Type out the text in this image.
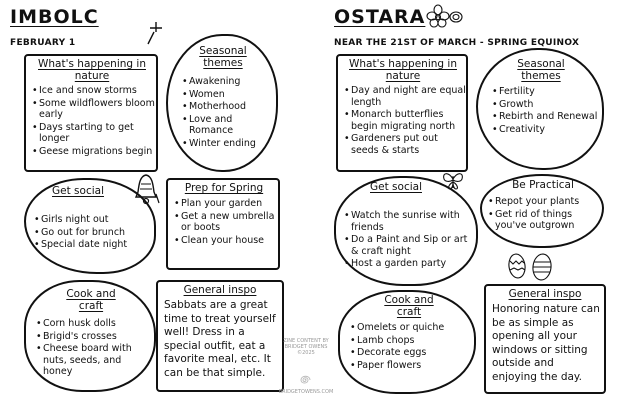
IMBOLC
FEBRUARY 1
What's happening in nature
• Ice and snow storms
• Some wildflowers bloom early
• Days starting to get longer
• Geese migrations begin
Seasonal themes
• Awakening
• Women
• Motherhood
• Love and Romance
• Winter ending
Get social
• Girls night out
• Go out for brunch
• Special date night
Prep for Spring
• Plan your garden
• Get a new umbrella or boots
• Clean your house
Cook and craft
• Corn husk dolls
• Brigid's crosses
• Cheese board with nuts, seeds, and honey
General inspo
Sabbats are a great time to treat yourself well! Dress in a special outfit, eat a favorite meal, etc. It can be that simple.
ZINE CONTENT BY BRIDGET OWENS
©2025
BRIDGETOWENS.COM
OSTARA
NEAR THE 21ST OF MARCH - SPRING EQUINOX
What's happening in nature
• Day and night are equal length
• Monarch butterflies begin migrating north
• Gardeners put out seeds & starts
Seasonal themes
• Fertility
• Growth
• Rebirth and Renewal
• Creativity
Get social
• Watch the sunrise with friends
• Do a Paint and Sip or art & craft night
• Host a garden party
Be Practical
• Repot your plants
• Get rid of things you've outgrown
Cook and craft
• Omelets or quiche
• Lamb chops
• Decorate eggs
• Paper flowers
General inspo
Honoring nature can be as simple as opening all your windows or sitting outside and enjoying the day.
